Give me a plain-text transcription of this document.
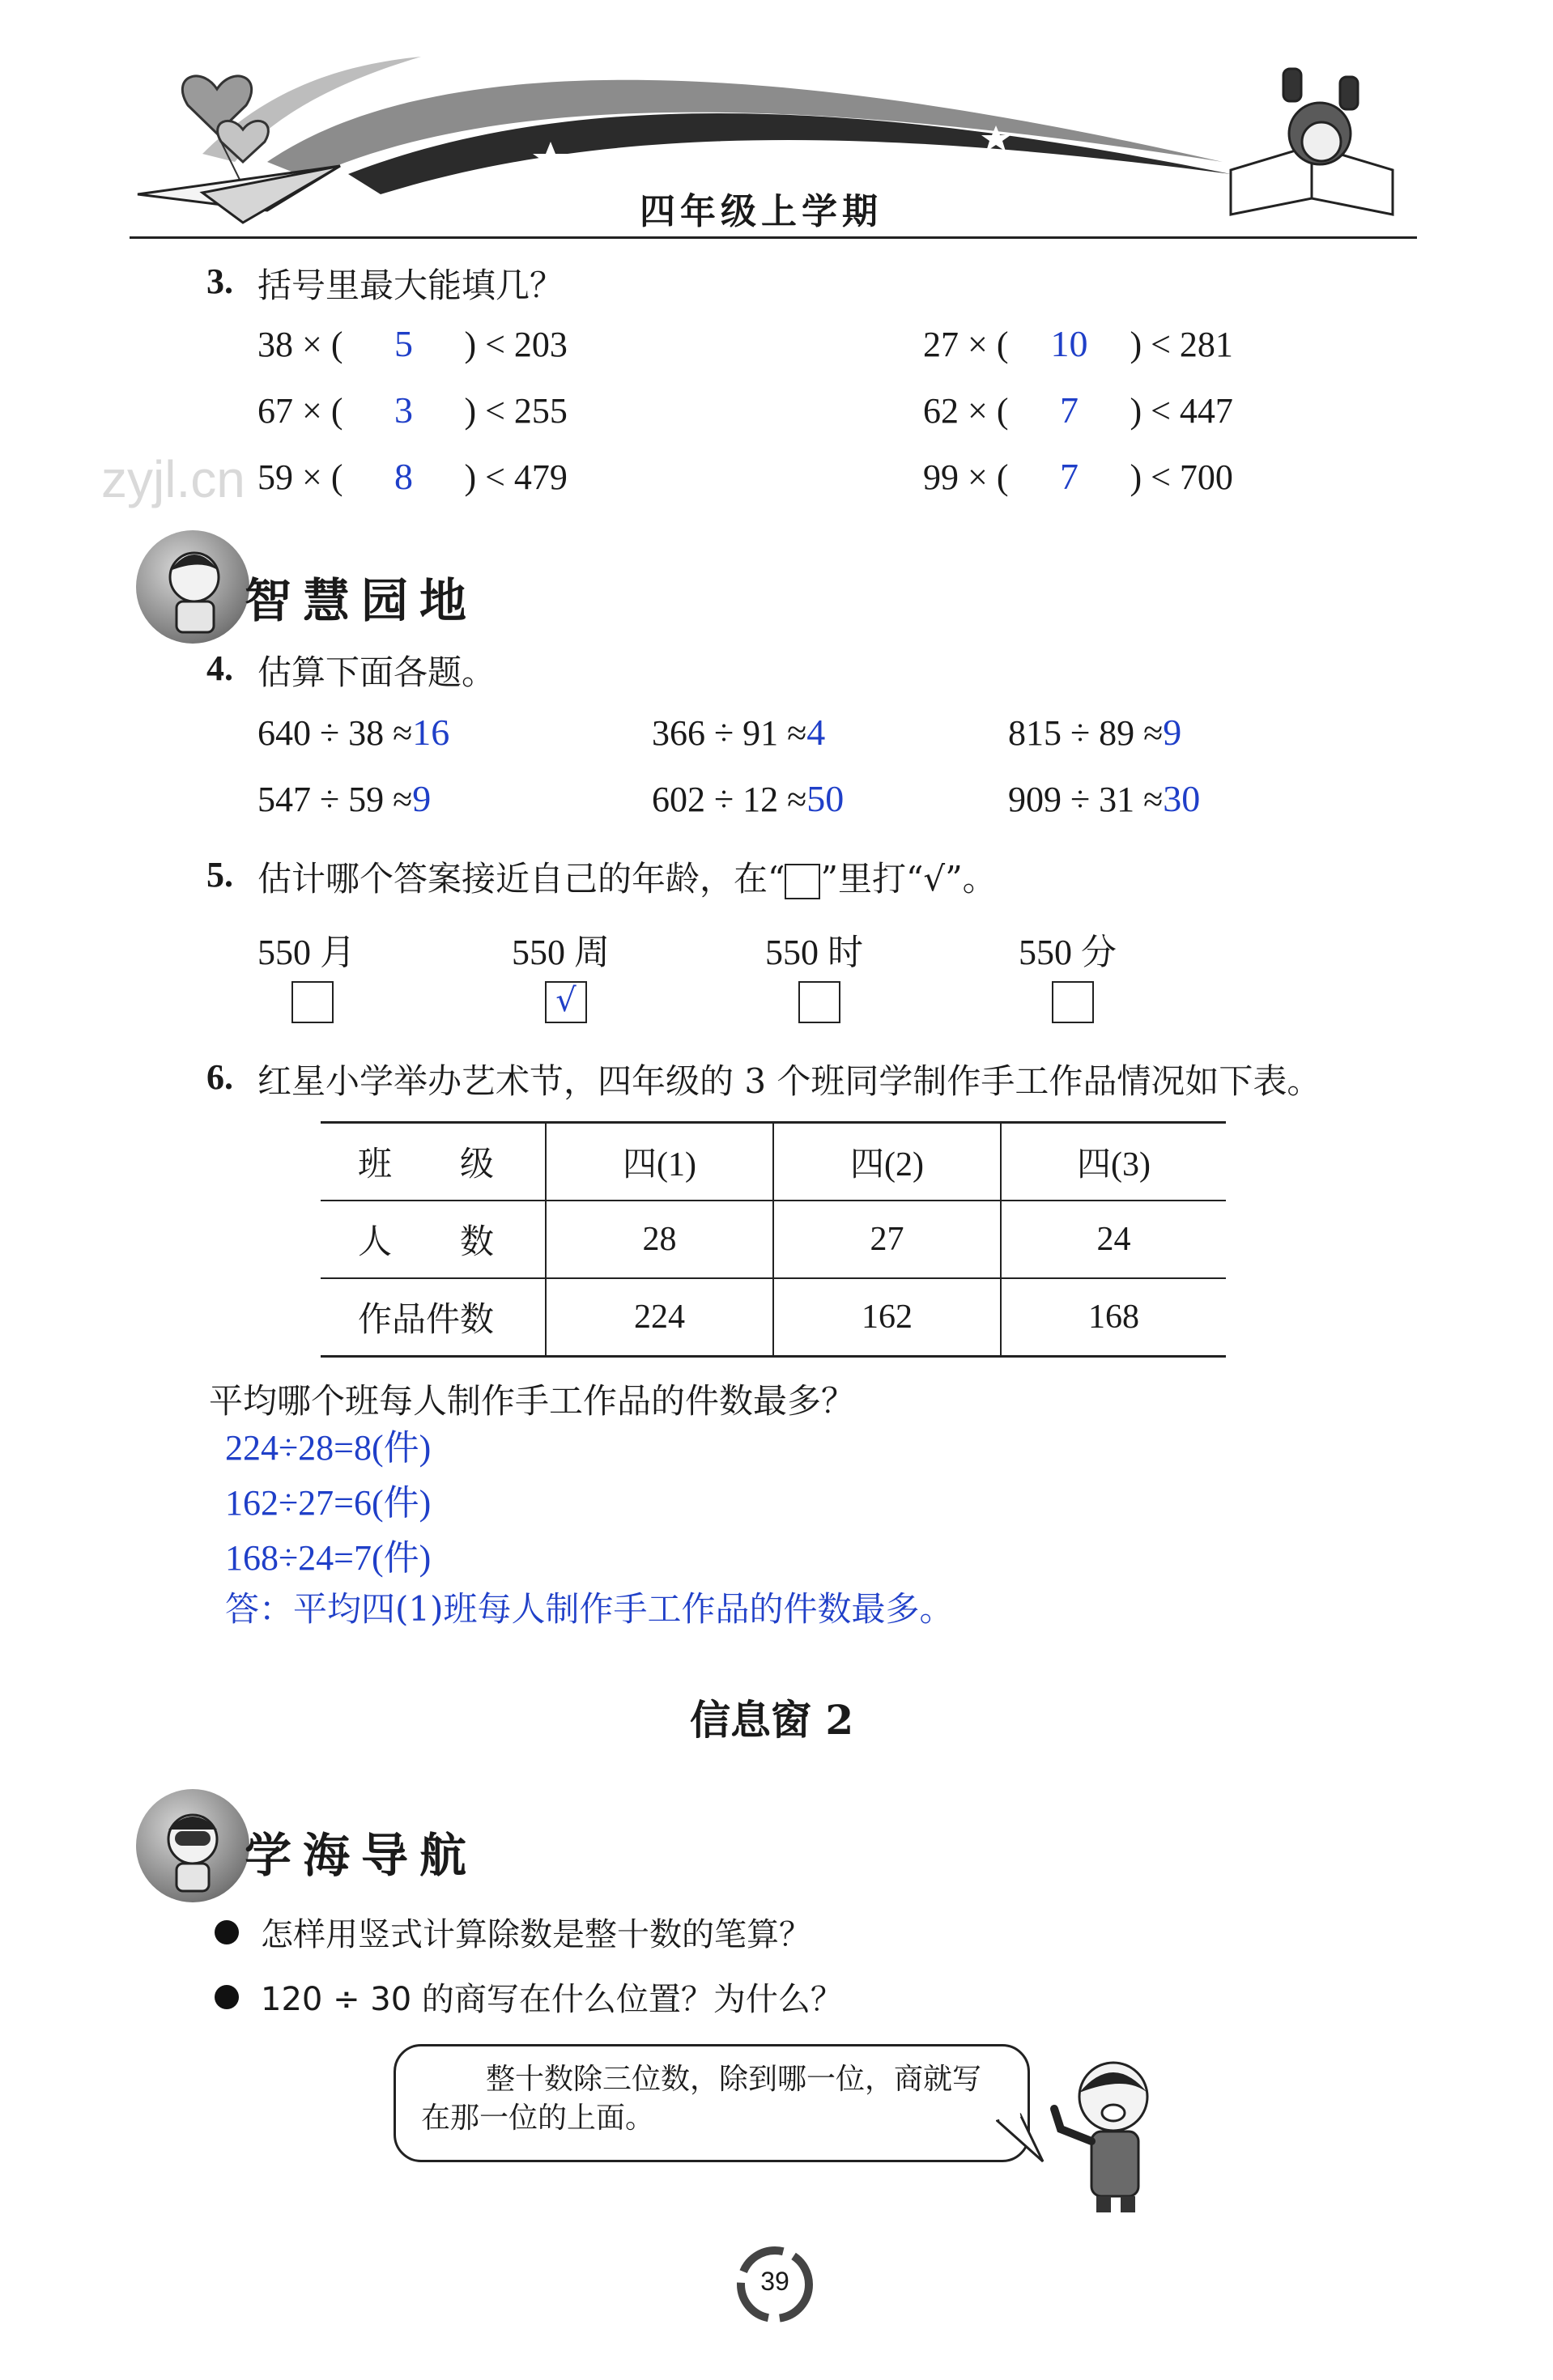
四年级上学期
zyjl.cn
3. 括号里最大能填几？
38 × ( 5 ) < 203	27 × ( 10 ) < 281
67 × ( 3 ) < 255	62 × ( 7 ) < 447
59 × ( 8 ) < 479	99 × ( 7 ) < 700
智慧园地
4. 估算下面各题。
640 ÷ 38 ≈16	366 ÷ 91 ≈4	815 ÷ 89 ≈9
547 ÷ 59 ≈9	602 ÷ 12 ≈50	909 ÷ 31 ≈30
5. 估计哪个答案接近自己的年龄，在“ ”里打“√”。
550 月	550 周	550 时	550 分
√
6. 红星小学举办艺术节，四年级的 3 个班同学制作手工作品情况如下表。
班　　级	四(1)	四(2)	四(3)
人　　数	28	27	24
作品件数	224	162	168
平均哪个班每人制作手工作品的件数最多？
224÷28=8(件)
162÷27=6(件)
168÷24=7(件)
答：平均四(1)班每人制作手工作品的件数最多。
信息窗 2
学海导航
怎样用竖式计算除数是整十数的笔算？
120 ÷ 30 的商写在什么位置？为什么？
整十数除三位数，除到哪一位，商就写在那一位的上面。
39
